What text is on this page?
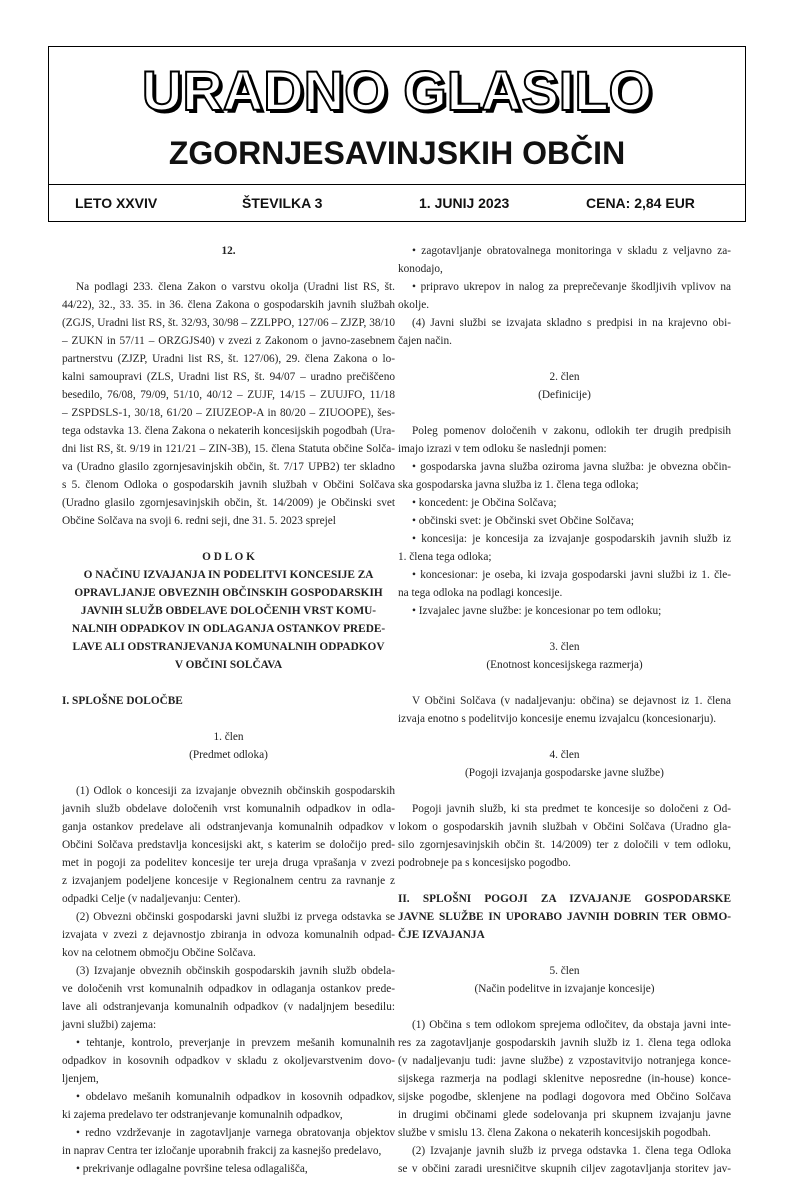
URADNO GLASILO
ZGORNJESAVINJSKIH OBČIN
LETO XXVIV	ŠTEVILKA 3	1. JUNIJ 2023	CENA: 2,84 EUR

12.

Na podlagi 233. člena Zakon o varstvu okolja (Uradni list RS, št.

44/22), 32., 33. 35. in 36. člena Zakona o gospodarskih javnih službah

(ZGJS, Uradni list RS, št. 32/93, 30/98 – ZZLPPO, 127/06 – ZJZP, 38/10

– ZUKN in 57/11 – ORZGJS40) v zvezi z Zakonom o javno-zasebnem

partnerstvu (ZJZP, Uradni list RS, št. 127/06), 29. člena Zakona o lo-

kalni samoupravi (ZLS, Uradni list RS, št. 94/07 – uradno prečiščeno

besedilo, 76/08, 79/09, 51/10, 40/12 – ZUJF, 14/15 – ZUUJFO, 11/18

– ZSPDSLS-1, 30/18, 61/20 – ZIUZEOP-A in 80/20 – ZIUOOPE), šes-

tega odstavka 13. člena Zakona o nekaterih koncesijskih pogodbah (Ura-

dni list RS, št. 9/19 in 121/21 – ZIN-3B), 15. člena Statuta občine Solča-

va (Uradno glasilo zgornjesavinjskih občin, št. 7/17 UPB2) ter skladno

s 5. členom Odloka o gospodarskih javnih službah v Občini Solčava

(Uradno glasilo zgornjesavinjskih občin, št. 14/2009) je Občinski svet

Občine Solčava na svoji 6. redni seji, dne 31. 5. 2023 sprejel

O D L O K

O NAČINU IZVAJANJA IN PODELITVI KONCESIJE ZA

OPRAVLJANJE OBVEZNIH OBČINSKIH GOSPODARSKIH

JAVNIH SLUŽB OBDELAVE DOLOČENIH VRST KOMU-

NALNIH ODPADKOV IN ODLAGANJA OSTANKOV PREDE-

LAVE ALI ODSTRANJEVANJA KOMUNALNIH ODPADKOV

V OBČINI SOLČAVA

I. SPLOŠNE DOLOČBE

1. člen

(Predmet odloka)

(1) Odlok o koncesiji za izvajanje obveznih občinskih gospodarskih

javnih služb obdelave določenih vrst komunalnih odpadkov in odla-

ganja ostankov predelave ali odstranjevanja komunalnih odpadkov v

Občini Solčava predstavlja koncesijski akt, s katerim se določijo pred-

met in pogoji za podelitev koncesije ter ureja druga vprašanja v zvezi

z izvajanjem podeljene koncesije v Regionalnem centru za ravnanje z

odpadki Celje (v nadaljevanju: Center).

(2) Obvezni občinski gospodarski javni službi iz prvega odstavka se

izvajata v zvezi z dejavnostjo zbiranja in odvoza komunalnih odpad-

kov na celotnem območju Občine Solčava.

(3) Izvajanje obveznih občinskih gospodarskih javnih služb obdela-

ve določenih vrst komunalnih odpadkov in odlaganja ostankov prede-

lave ali odstranjevanja komunalnih odpadkov (v nadaljnjem besedilu:

javni službi) zajema:

• tehtanje, kontrolo, preverjanje in prevzem mešanih komunalnih

odpadkov in kosovnih odpadkov v skladu z okoljevarstvenim dovo-

ljenjem,

• obdelavo mešanih komunalnih odpadkov in kosovnih odpadkov,

ki zajema predelavo ter odstranjevanje komunalnih odpadkov,

• redno vzdrževanje in zagotavljanje varnega obratovanja objektov

in naprav Centra ter izločanje uporabnih frakcij za kasnejšo predelavo,

• prekrivanje odlagalne površine telesa odlagališča,

• zagotavljanje obratovalnega monitoringa v skladu z veljavno za-

konodajo,

• pripravo ukrepov in nalog za preprečevanje škodljivih vplivov na

okolje.

(4) Javni službi se izvajata skladno s predpisi in na krajevno obi-

čajen način.

2. člen

(Definicije)

Poleg pomenov določenih v zakonu, odlokih ter drugih predpisih

imajo izrazi v tem odloku še naslednji pomen:

• gospodarska javna služba oziroma javna služba: je obvezna občin-

ska gospodarska javna služba iz 1. člena tega odloka;

• koncedent: je Občina Solčava;

• občinski svet: je Občinski svet Občine Solčava;

• koncesija: je koncesija za izvajanje gospodarskih javnih služb iz

1. člena tega odloka;

• koncesionar: je oseba, ki izvaja gospodarski javni službi iz 1. čle-

na tega odloka na podlagi koncesije.

• Izvajalec javne službe: je koncesionar po tem odloku;

3. člen

(Enotnost koncesijskega razmerja)

V Občini Solčava (v nadaljevanju: občina) se dejavnost iz 1. člena

izvaja enotno s podelitvijo koncesije enemu izvajalcu (koncesionarju).

4. člen

(Pogoji izvajanja gospodarske javne službe)

Pogoji javnih služb, ki sta predmet te koncesije so določeni z Od-

lokom o gospodarskih javnih službah v Občini Solčava (Uradno gla-

silo zgornjesavinjskih občin št. 14/2009) ter z določili v tem odloku,

podrobneje pa s koncesijsko pogodbo.

II. SPLOŠNI POGOJI ZA IZVAJANJE GOSPODARSKE

JAVNE SLUŽBE IN UPORABO JAVNIH DOBRIN TER OBMO-

ČJE IZVAJANJA

5. člen

(Način podelitve in izvajanje koncesije)

(1) Občina s tem odlokom sprejema odločitev, da obstaja javni inte-

res za zagotavljanje gospodarskih javnih služb iz 1. člena tega odloka

(v nadaljevanju tudi: javne službe) z vzpostavitvijo notranjega konce-

sijskega razmerja na podlagi sklenitve neposredne (in-house) konce-

sijske pogodbe, sklenjene na podlagi dogovora med Občino Solčava

in drugimi občinami glede sodelovanja pri skupnem izvajanju javne

službe v smislu 13. člena Zakona o nekaterih koncesijskih pogodbah.

(2) Izvajanje javnih služb iz prvega odstavka 1. člena tega Odloka

se v občini zaradi uresničitve skupnih ciljev zagotavljanja storitev jav-
